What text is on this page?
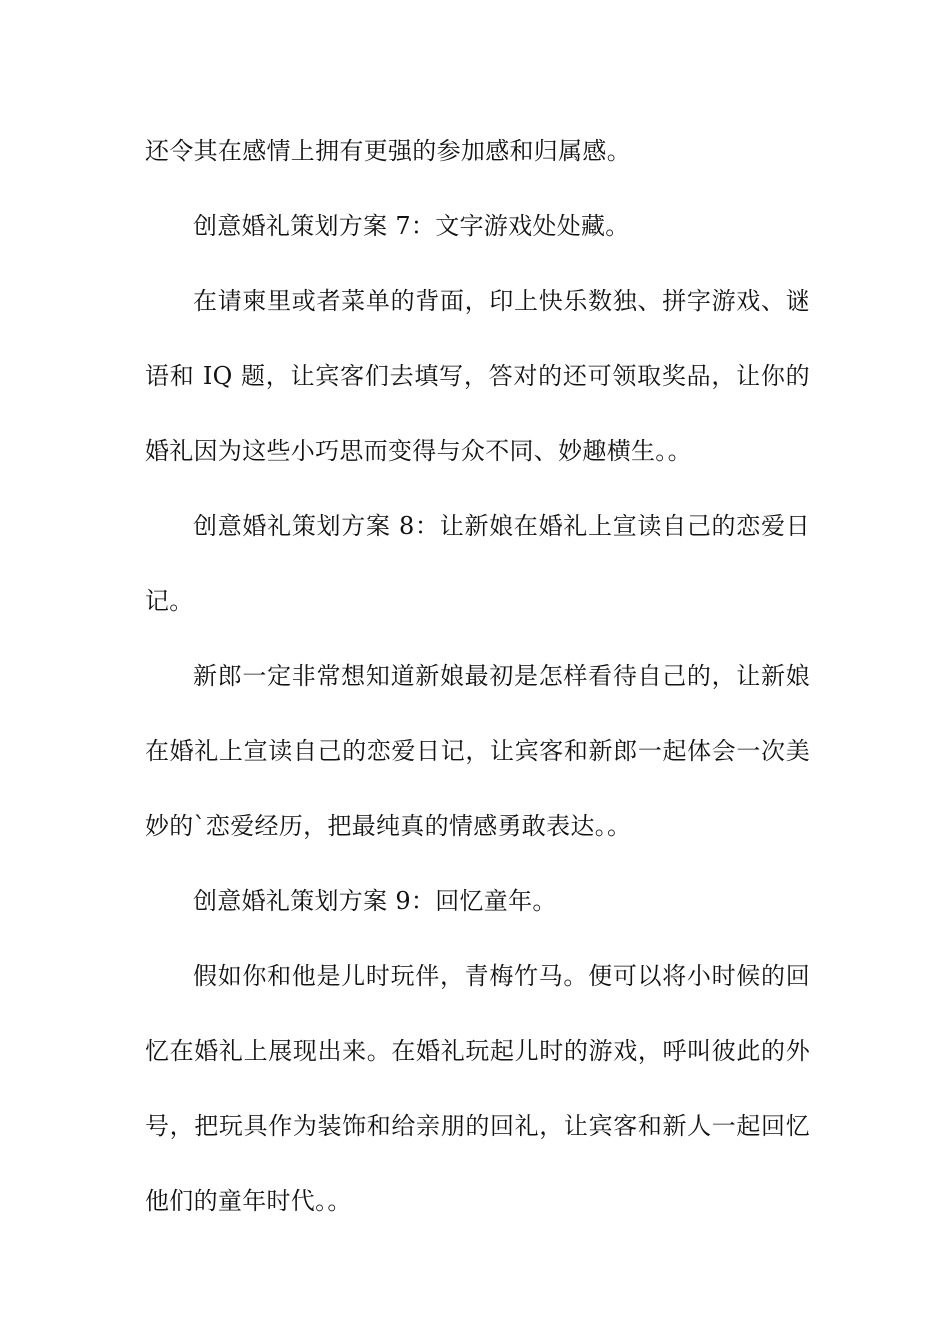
还令其在感情上拥有更强的参加感和归属感。
创意婚礼策划方案 7：文字游戏处处藏。
在请柬里或者菜单的背面，印上快乐数独、拼字游戏、谜
语和 IQ 题，让宾客们去填写，答对的还可领取奖品，让你的
婚礼因为这些小巧思而变得与众不同、妙趣横生。。
创意婚礼策划方案 8：让新娘在婚礼上宣读自己的恋爱日
记。
新郎一定非常想知道新娘最初是怎样看待自己的，让新娘
在婚礼上宣读自己的恋爱日记，让宾客和新郎一起体会一次美
妙的`恋爱经历，把最纯真的情感勇敢表达。。
创意婚礼策划方案 9：回忆童年。
假如你和他是儿时玩伴，青梅竹马。便可以将小时候的回
忆在婚礼上展现出来。在婚礼玩起儿时的游戏，呼叫彼此的外
号，把玩具作为装饰和给亲朋的回礼，让宾客和新人一起回忆
他们的童年时代。。
